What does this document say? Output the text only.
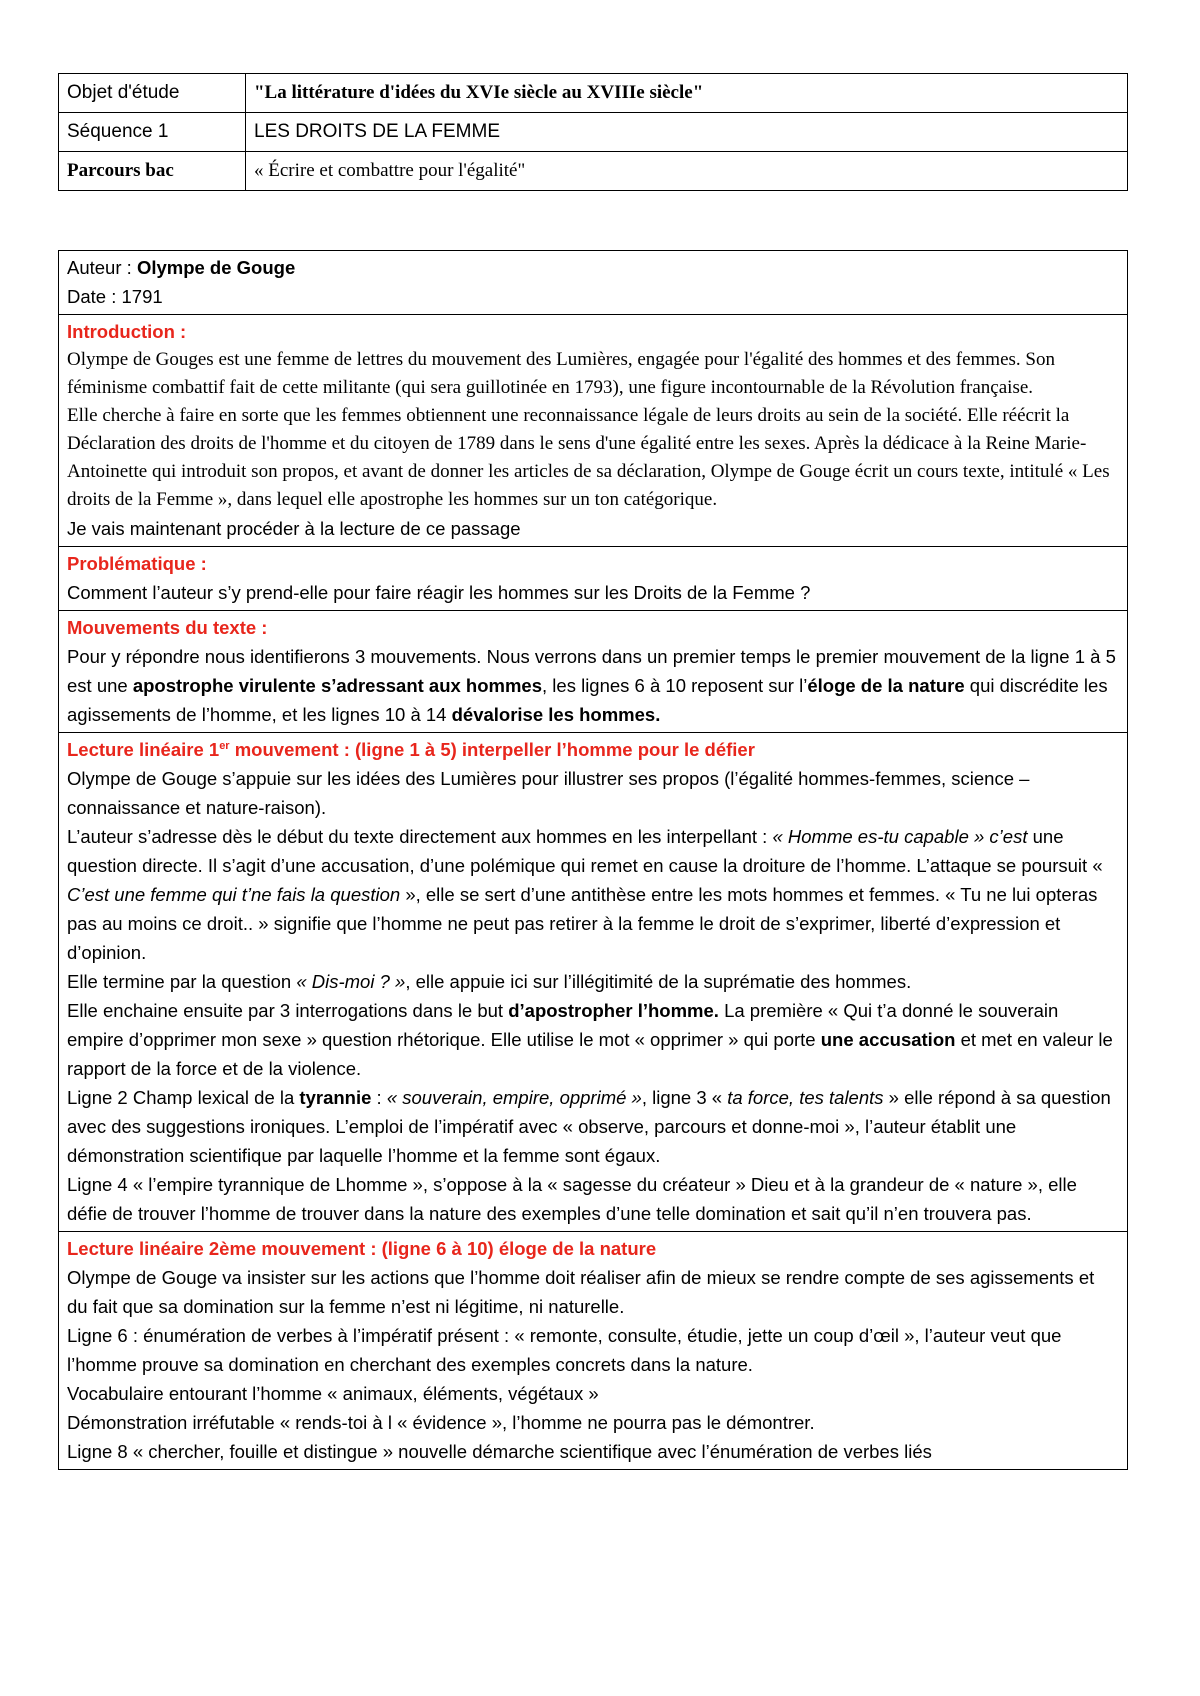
Objet d'étude	"La littérature d'idées du XVIe siècle au XVIIIe siècle"
Séquence 1	LES DROITS DE LA FEMME
Parcours bac	« Écrire et combattre pour l'égalité"

Auteur : Olympe de Gouge

Date : 1791

Introduction :

Olympe de Gouges est une femme de lettres du mouvement des Lumières, engagée pour l'égalité des hommes et des femmes. Son féminisme combattif fait de cette militante (qui sera guillotinée en 1793), une figure incontournable de la Révolution française.

Elle cherche à faire en sorte que les femmes obtiennent une reconnaissance légale de leurs droits au sein de la société. Elle réécrit la Déclaration des droits de l'homme et du citoyen de 1789 dans le sens d'une égalité entre les sexes. Après la dédicace à la Reine Marie-Antoinette qui introduit son propos, et avant de donner les articles de sa déclaration, Olympe de Gouge écrit un cours texte, intitulé « Les droits de la Femme », dans lequel elle apostrophe les hommes sur un ton catégorique.

Je vais maintenant procéder à la lecture de ce passage

Problématique :

Comment l’auteur s’y prend-elle pour faire réagir les hommes sur les Droits de la Femme ?

Mouvements du texte :

Pour y répondre nous identifierons 3 mouvements. Nous verrons dans un premier temps le premier mouvement de la ligne 1 à 5 est une apostrophe virulente s’adressant aux hommes, les lignes 6 à 10 reposent sur l’éloge de la nature qui discrédite les agissements de l’homme, et les lignes 10 à 14 dévalorise les hommes.

Lecture linéaire 1er mouvement : (ligne 1 à 5) interpeller l’homme pour le défier

Olympe de Gouge s’appuie sur les idées des Lumières pour illustrer ses propos (l’égalité hommes-femmes, science – connaissance et nature-raison).

L’auteur s’adresse dès le début du texte directement aux hommes en les interpellant : « Homme es-tu capable » c’est une question directe. Il s’agit d’une accusation, d’une polémique qui remet en cause la droiture de l’homme. L’attaque se poursuit « C’est une femme qui t’ne fais la question », elle se sert d’une antithèse entre les mots hommes et femmes. « Tu ne lui opteras pas au moins ce droit.. » signifie que l’homme ne peut pas retirer à la femme le droit de s’exprimer, liberté d’expression et d’opinion.

Elle termine par la question « Dis-moi ? », elle appuie ici sur l’illégitimité de la suprématie des hommes.

Elle enchaine ensuite par 3 interrogations dans le but d’apostropher l’homme. La première « Qui t’a donné le souverain empire d’opprimer mon sexe » question rhétorique. Elle utilise le mot « opprimer » qui porte une accusation et met en valeur le rapport de la force et de la violence.

Ligne 2 Champ lexical de la tyrannie : « souverain, empire, opprimé », ligne 3 « ta force, tes talents » elle répond à sa question avec des suggestions ironiques. L’emploi de l’impératif avec « observe, parcours et donne-moi », l’auteur établit une démonstration scientifique par laquelle l’homme et la femme sont égaux.

Ligne 4 « l’empire tyrannique de Lhomme », s’oppose à la « sagesse du créateur » Dieu et à la grandeur de « nature », elle défie de trouver l’homme de trouver dans la nature des exemples d’une telle domination et sait qu’il n’en trouvera pas.

Lecture linéaire 2ème mouvement : (ligne 6 à 10) éloge de la nature

Olympe de Gouge va insister sur les actions que l’homme doit réaliser afin de mieux se rendre compte de ses agissements et du fait que sa domination sur la femme n’est ni légitime, ni naturelle.

Ligne 6 : énumération de verbes à l’impératif présent : « remonte, consulte, étudie, jette un coup d’œil », l’auteur veut que l’homme prouve sa domination en cherchant des exemples concrets dans la nature.

Vocabulaire entourant l’homme « animaux, éléments, végétaux »

Démonstration irréfutable « rends-toi à l « évidence », l’homme ne pourra pas le démontrer.

Ligne 8 « chercher, fouille et distingue » nouvelle démarche scientifique avec l’énumération de verbes liés
